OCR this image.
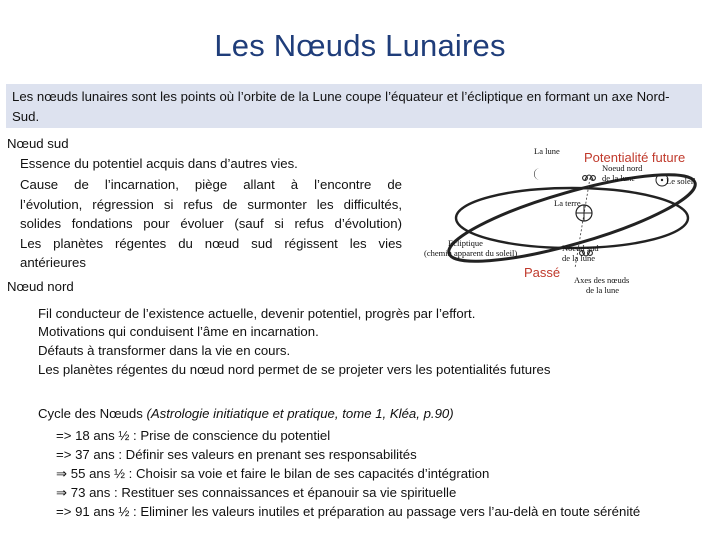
Les Nœuds Lunaires
Les nœuds lunaires sont les points où l’orbite de la Lune coupe l’équateur et l’écliptique en formant un axe Nord-Sud.
Nœud sud
Essence du potentiel acquis dans d’autres vies.
Cause de l’incarnation, piège allant à l’encontre de
l’évolution, régression si refus de surmonter les difficultés,
solides fondations pour évoluer (sauf si refus d’évolution)
Les planètes régentes du nœud sud régissent les vies
antérieures
Nœud nord
Fil conducteur de l’existence actuelle, devenir potentiel, progrès par l’effort.
Motivations qui conduisent l’âme en incarnation.
Défauts à transformer dans la vie en cours.
Les planètes régentes du nœud nord permet de se projeter vers les potentialités futures
La lune
Noeud nord
de la lune	Le soleil
La terre
Ecliptique
(chemin apparent du soleil)	Noeud sud
de la lune
Axes des nœuds
de la lune
Potentialité future
Passé
Cycle des Nœuds (Astrologie initiatique et pratique, tome 1, Kléa, p.90)
=> 18 ans ½ : Prise de conscience du potentiel
=> 37 ans : Définir ses valeurs en prenant ses responsabilités
⇒ 55 ans ½ : Choisir sa voie et faire le bilan de ses capacités d’intégration
⇒ 73 ans : Restituer ses connaissances et épanouir sa vie spirituelle
=> 91 ans ½ : Eliminer les valeurs inutiles et préparation au passage vers l’au-delà en toute sérénité
